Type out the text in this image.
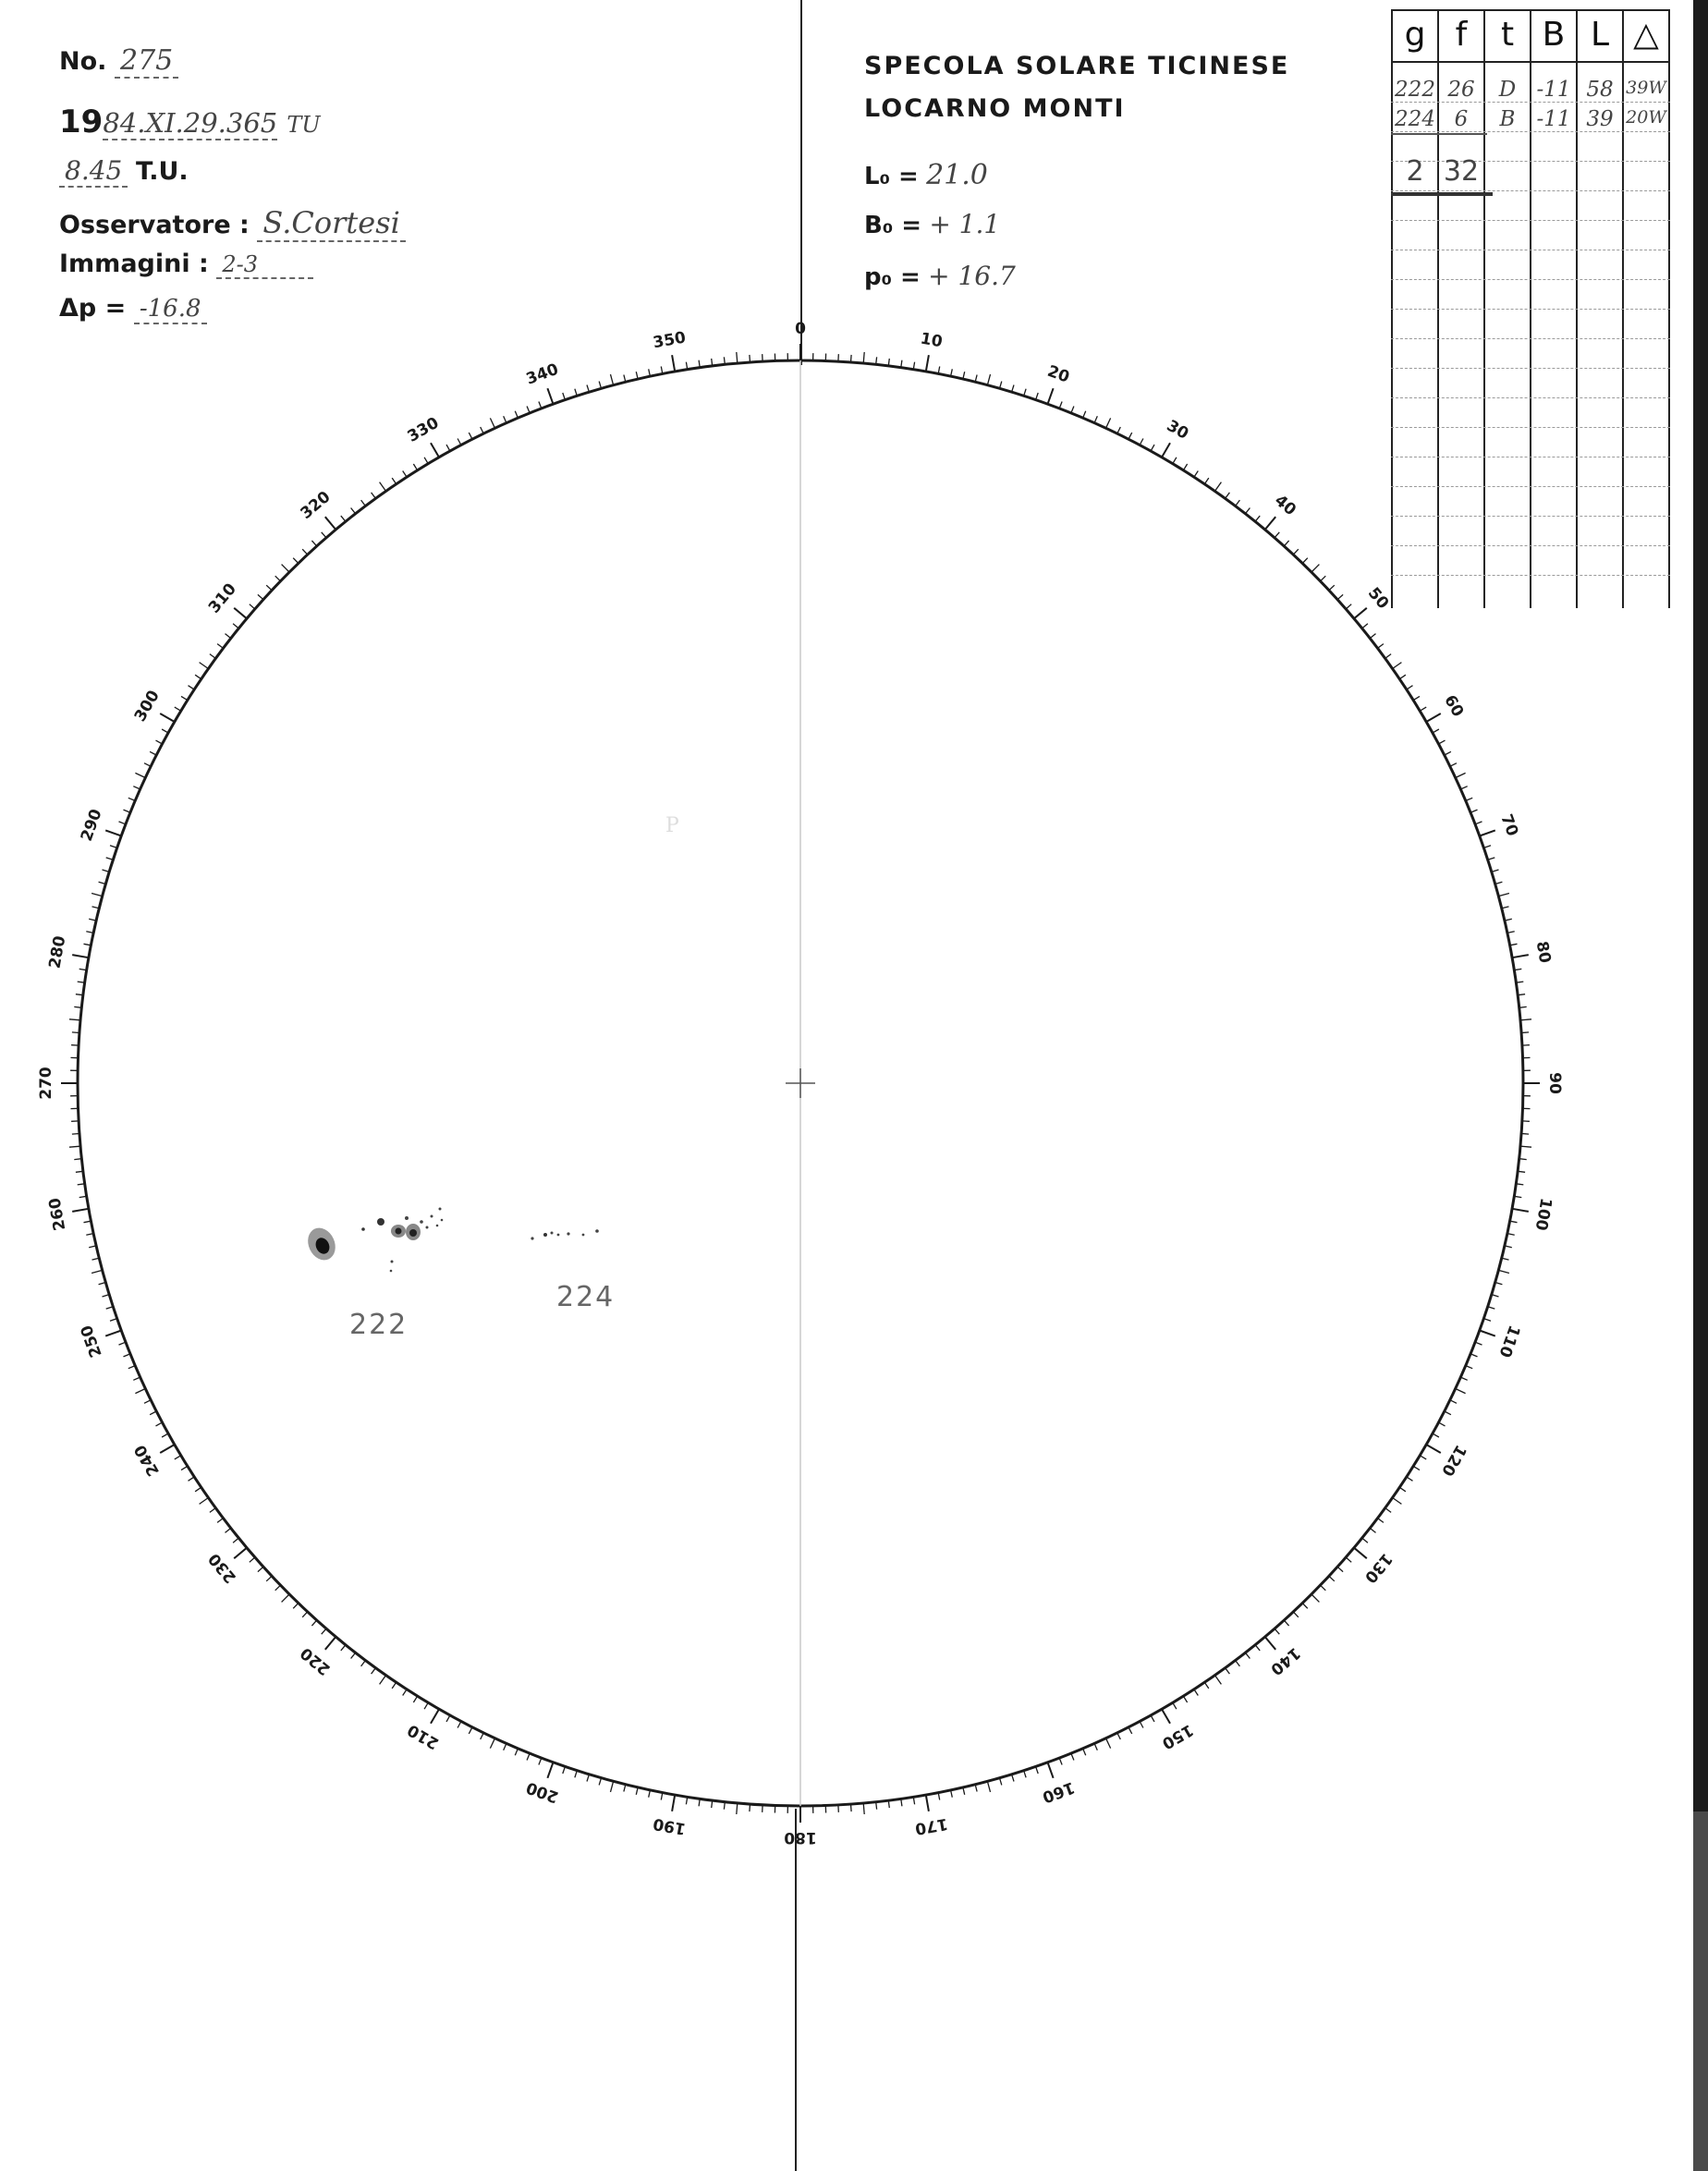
No. 275
1984.XI.29.365 TU
8.45 T.U.
Osservatore : S.Cortesi
Immagini : 2-3
Δp = -16.8
SPECOLA SOLARE TICINESE
LOCARNO MONTI
L₀ = 21.0
B₀ = + 1.1
p₀ = + 16.7
g f	t B L △
222 26	D -11 58 39W
224 6	B	-11 39 20W
2 32
0
10
20
30
40
50
60
70
80
90
100
110
120
130
140
150
160
170
180
190
200
210
220
230
240
250
260
270
280
290
300
310
320
330
340
350
P
222
224
